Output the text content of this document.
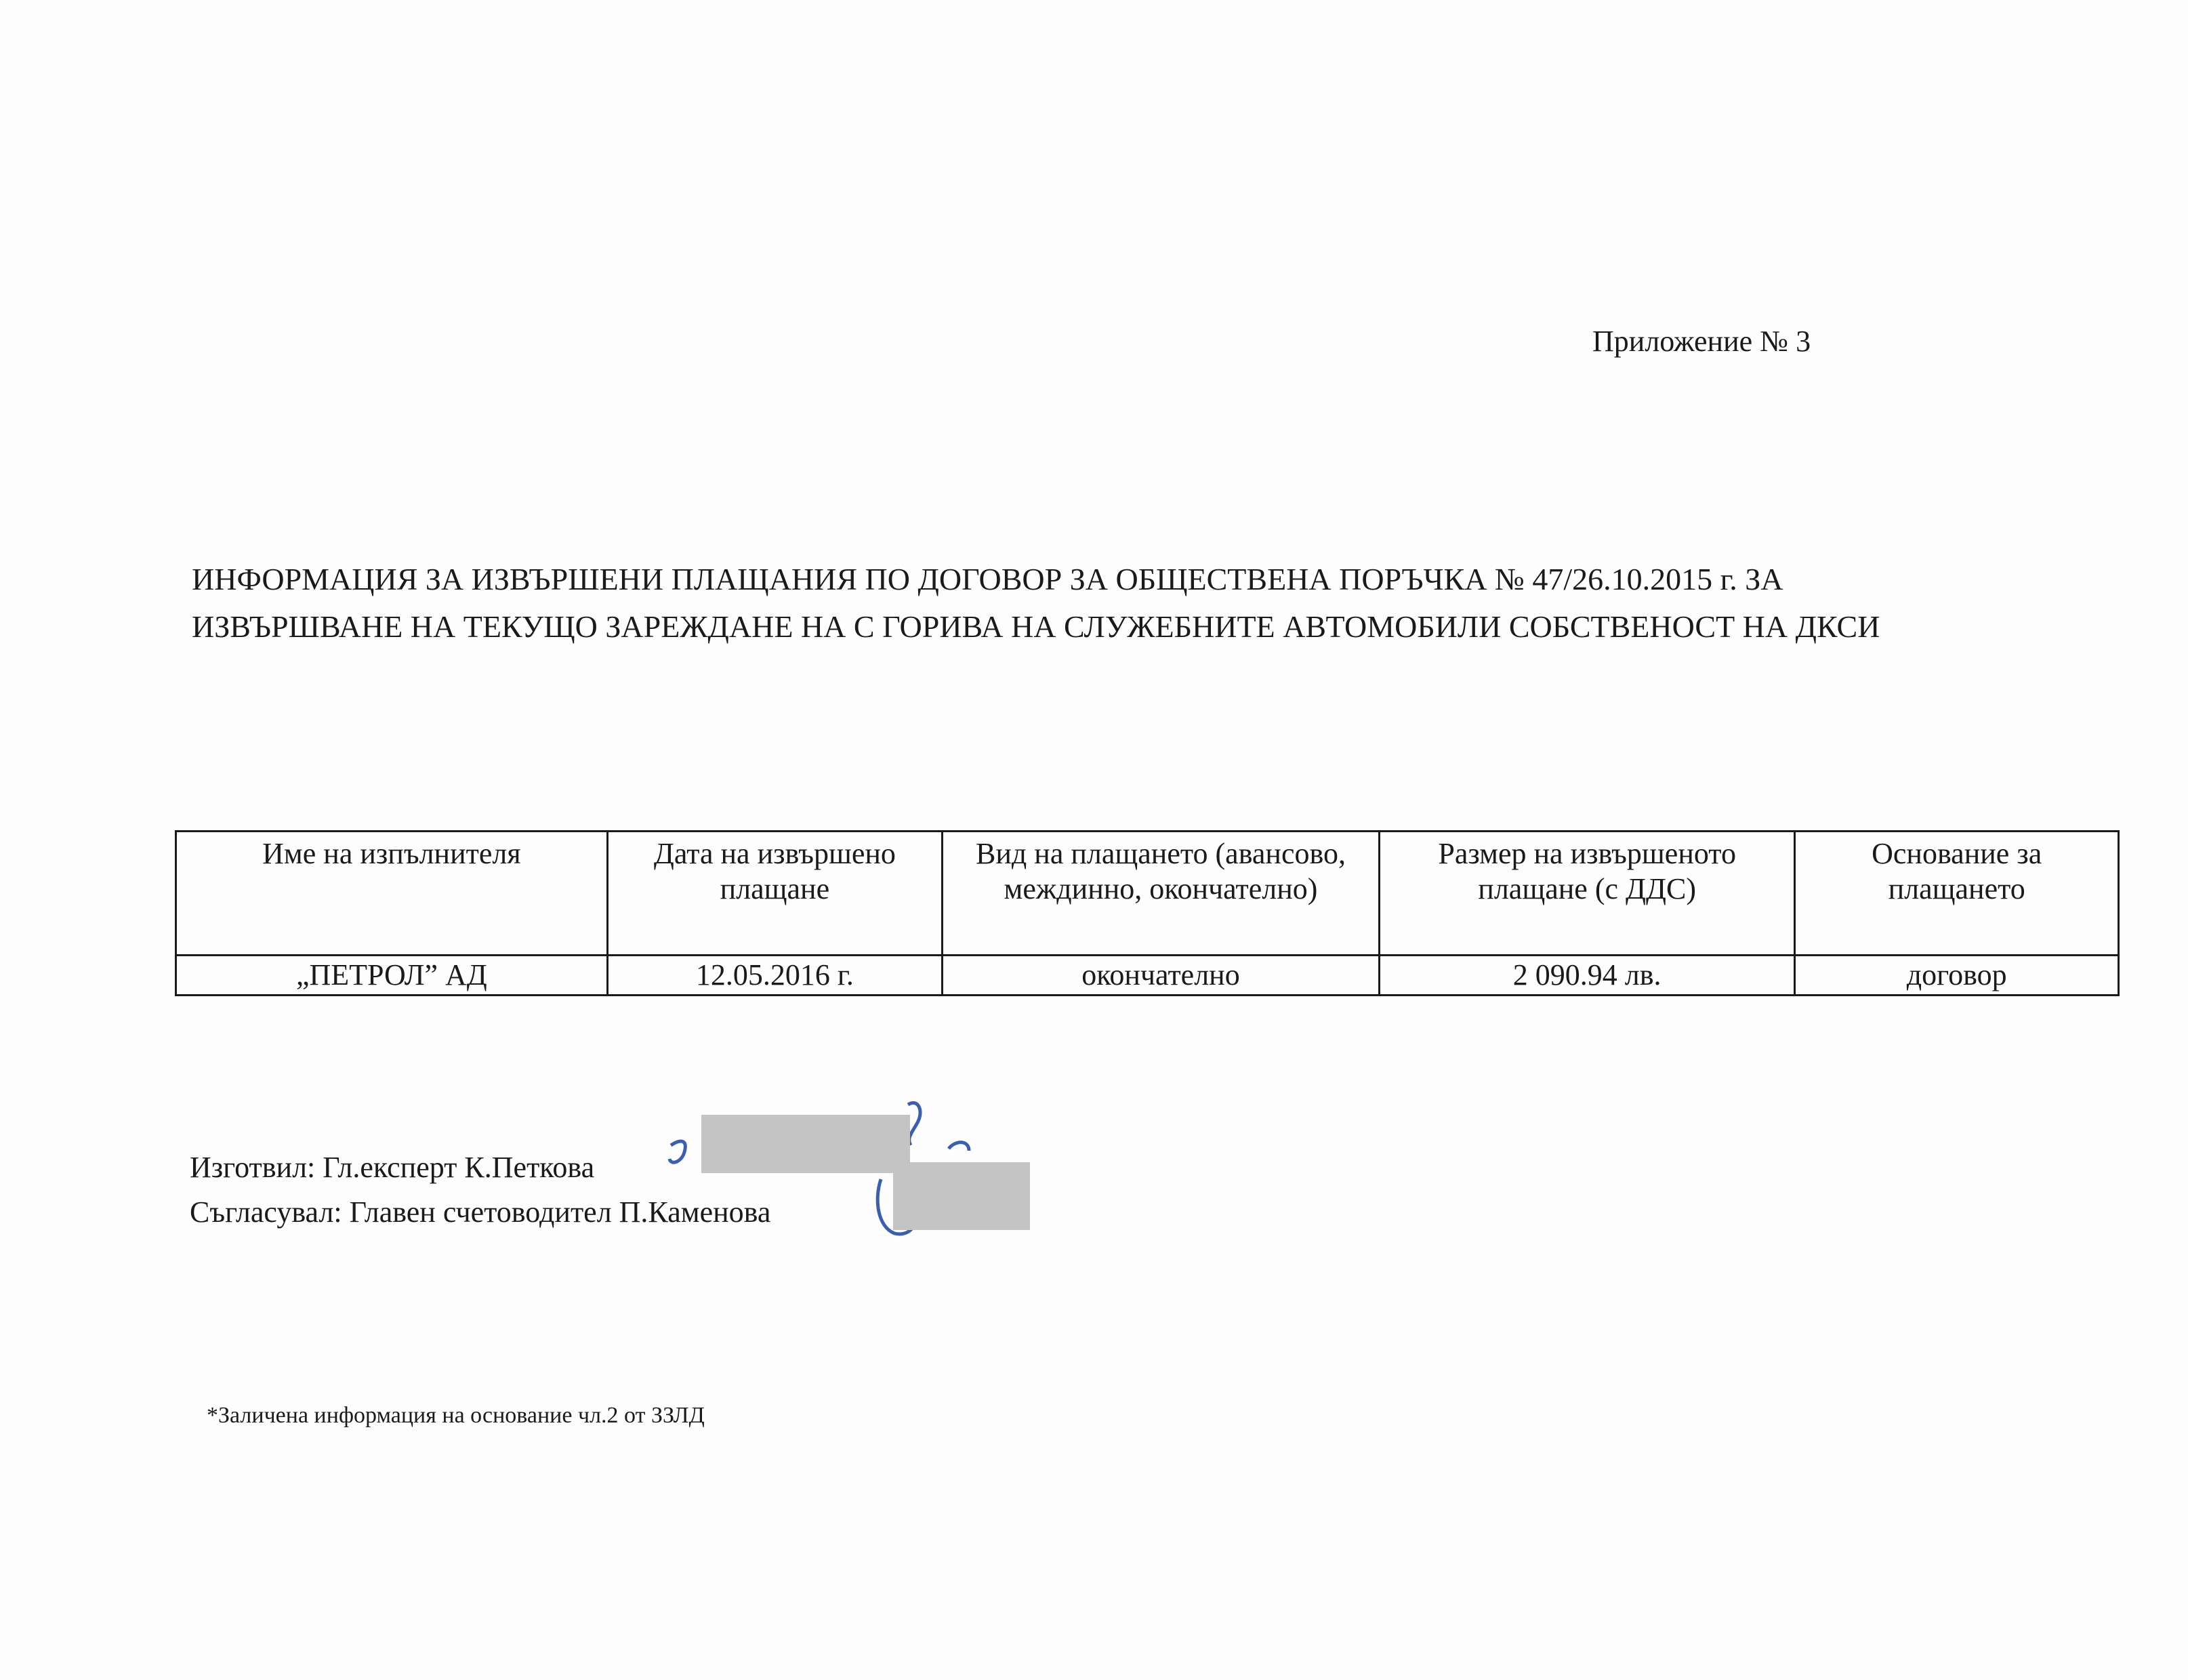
Приложение № 3
ИНФОРМАЦИЯ ЗА ИЗВЪРШЕНИ ПЛАЩАНИЯ ПО ДОГОВОР ЗА ОБЩЕСТВЕНА ПОРЪЧКА № 47/26.10.2015 г. ЗА
ИЗВЪРШВАНЕ НА ТЕКУЩО ЗАРЕЖДАНЕ НА С ГОРИВА НА СЛУЖЕБНИТЕ АВТОМОБИЛИ СОБСТВЕНОСТ НА ДКСИ
Име на изпълнителя	Дата на извършено плащане	Вид на плащането (авансово, междинно, окончателно)	Размер на извършеното плащане (с ДДС)	Основание за плащането
„ПЕТРОЛ” АД	12.05.2016 г.	окончателно	2 090.94 лв.	договор
Изготвил: Гл.експерт К.Петкова
Съгласувал: Главен счетоводител П.Каменова
*Заличена информация на основание чл.2 от ЗЗЛД
